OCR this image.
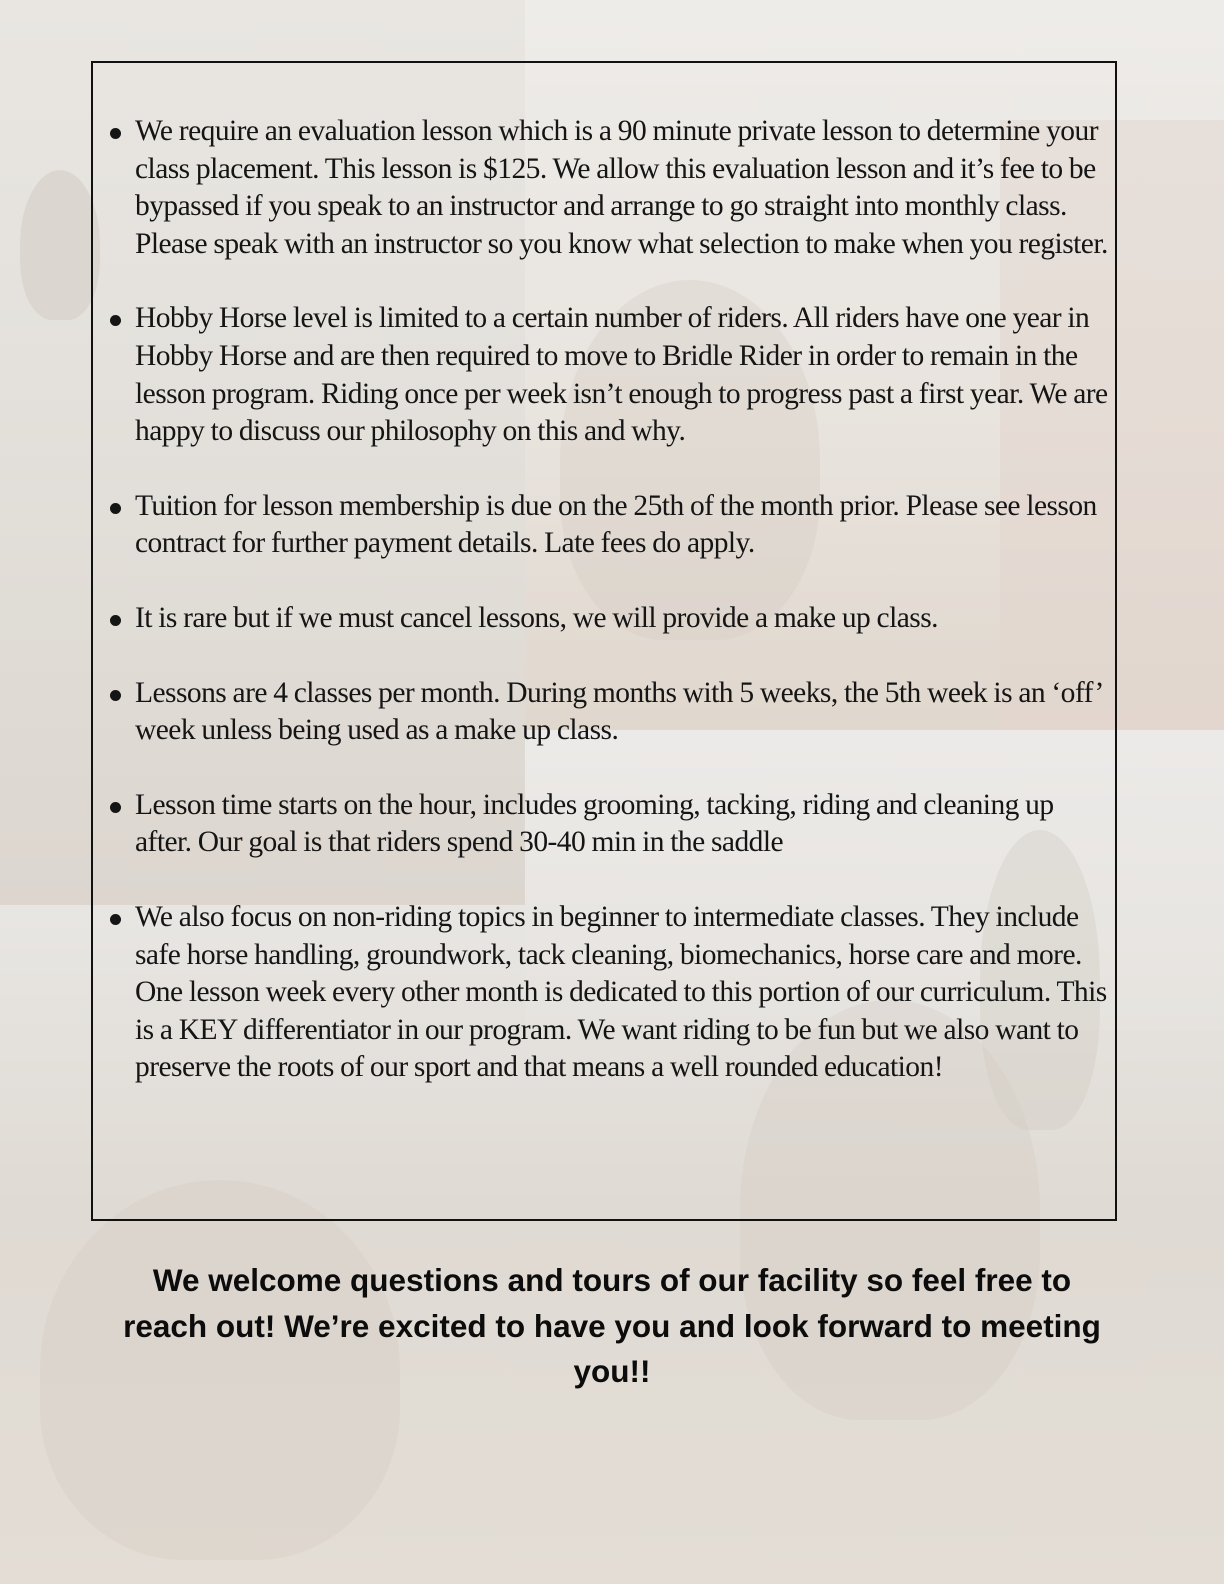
We require an evaluation lesson which is a 90 minute private lesson to determine your class placement. This lesson is $125. We allow this evaluation lesson and it’s fee to be bypassed if you speak to an instructor and arrange to go straight into monthly class. Please speak with an instructor so you know what selection to make when you register.
Hobby Horse level is limited to a certain number of riders. All riders have one year in Hobby Horse and are then required to move to Bridle Rider in order to remain in the lesson program. Riding once per week isn’t enough to progress past a first year. We are happy to discuss our philosophy on this and why.
Tuition for lesson membership is due on the 25th of the month prior. Please see lesson contract for further payment details. Late fees do apply.
It is rare but if we must cancel lessons, we will provide a make up class.
Lessons are 4 classes per month. During months with 5 weeks, the 5th week is an ‘off’ week unless being used as a make up class.
Lesson time starts on the hour, includes grooming, tacking, riding and cleaning up after. Our goal is that riders spend 30-40 min in the saddle
We also focus on non-riding topics in beginner to intermediate classes. They include safe horse handling, groundwork, tack cleaning, biomechanics, horse care and more. One lesson week every other month is dedicated to this portion of our curriculum. This is a KEY differentiator in our program. We want riding to be fun but we also want to preserve the roots of our sport and that means a well rounded education!

We welcome questions and tours of our facility so feel free to reach out! We’re excited to have you and look forward to meeting you!!
